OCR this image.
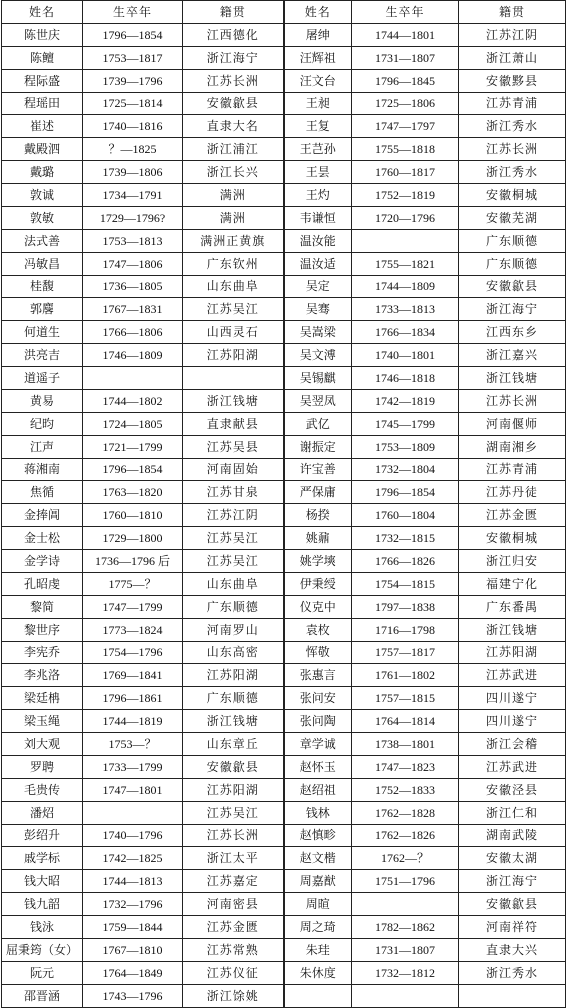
姓名	生卒年	籍贯	姓名	生卒年	籍贯
陈世庆	1796—1854	江西德化	屠绅	1744—1801	江苏江阴
陈鳣	1753—1817	浙江海宁	汪辉祖	1731—1807	浙江萧山
程际盛	1739—1796	江苏长洲	汪文台	1796—1845	安徽黟县
程瑶田	1725—1814	安徽歙县	王昶	1725—1806	江苏青浦
崔述	1740—1816	直隶大名	王复	1747—1797	浙江秀水
戴殿泗	？—1825	浙江浦江	王芑孙	1755—1818	江苏长洲
戴璐	1739—1806	浙江长兴	王昙	1760—1817	浙江秀水
敦诚	1734—1791	满洲	王灼	1752—1819	安徽桐城
敦敏	1729—1796?	满洲	韦谦恒	1720—1796	安徽芜湖
法式善	1753—1813	满洲正黄旗	温汝能		广东顺德
冯敏昌	1747—1806	广东钦州	温汝适	1755—1821	广东顺德
桂馥	1736—1805	山东曲阜	吴定	1744—1809	安徽歙县
郭麐	1767—1831	江苏吴江	吴骞	1733—1813	浙江海宁
何道生	1766—1806	山西灵石	吴嵩梁	1766—1834	江西东乡
洪亮吉	1746—1809	江苏阳湖	吴文溥	1740—1801	浙江嘉兴
道遥子			吴锡麒	1746—1818	浙江钱塘
黄易	1744—1802	浙江钱塘	吴翌凤	1742—1819	江苏长洲
纪昀	1724—1805	直隶献县	武亿	1745—1799	河南偃师
江声	1721—1799	江苏吴县	谢振定	1753—1809	湖南湘乡
蒋湘南	1796—1854	河南固始	许宝善	1732—1804	江苏青浦
焦循	1763—1820	江苏甘泉	严保庸	1796—1854	江苏丹徒
金捧阊	1760—1810	江苏江阴	杨揆	1760—1804	江苏金匮
金士松	1729—1800	江苏吴江	姚鼐	1732—1815	安徽桐城
金学诗	1736—1796 后	江苏吴江	姚学塽	1766—1826	浙江归安
孔昭虔	1775—？	山东曲阜	伊秉绶	1754—1815	福建宁化
黎简	1747—1799	广东顺德	仪克中	1797—1838	广东番禺
黎世序	1773—1824	河南罗山	袁枚	1716—1798	浙江钱塘
李宪乔	1754—1796	山东高密	恽敬	1757—1817	江苏阳湖
李兆洛	1769—1841	江苏阳湖	张惠言	1761—1802	江苏武进
梁廷柟	1796—1861	广东顺德	张问安	1757—1815	四川遂宁
梁玉绳	1744—1819	浙江钱塘	张问陶	1764—1814	四川遂宁
刘大观	1753—？	山东章丘	章学诚	1738—1801	浙江会稽
罗聘	1733—1799	安徽歙县	赵怀玉	1747—1823	江苏武进
毛贵传	1747—1801	江苏阳湖	赵绍祖	1752—1833	安徽泾县
潘炤		江苏吴江	钱林	1762—1828	浙江仁和
彭绍升	1740—1796	江苏长洲	赵慎畛	1762—1826	湖南武陵
戚学标	1742—1825	浙江太平	赵文楷	1762—？	安徽太湖
钱大昭	1744—1813	江苏嘉定	周嘉猷	1751—1796	浙江海宁
钱九韶	1732—1796	河南密县	周暄		安徽歙县
钱泳	1759—1844	江苏金匮	周之琦	1782—1862	河南祥符
屈秉筠（女）	1767—1810	江苏常熟	朱珪	1731—1807	直隶大兴
阮元	1764—1849	江苏仪征	朱休度	1732—1812	浙江秀水
邵晋涵	1743—1796	浙江馀姚			
